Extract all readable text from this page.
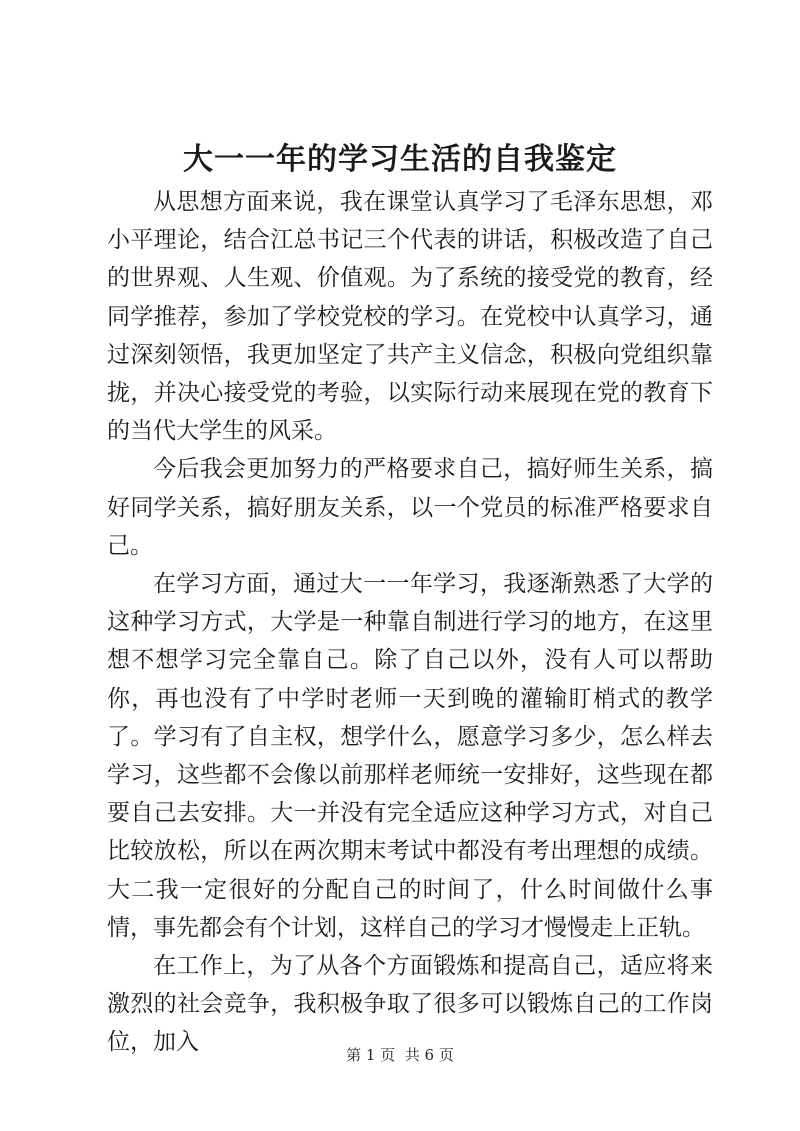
大一一年的学习生活的自我鉴定

从思想方面来说，我在课堂认真学习了毛泽东思想，邓小平理论，结合江总书记三个代表的讲话，积极改造了自己的世界观、人生观、价值观。为了系统的接受党的教育，经同学推荐，参加了学校党校的学习。在党校中认真学习，通过深刻领悟，我更加坚定了共产主义信念，积极向党组织靠拢，并决心接受党的考验，以实际行动来展现在党的教育下的当代大学生的风采。

今后我会更加努力的严格要求自己，搞好师生关系，搞好同学关系，搞好朋友关系，以一个党员的标准严格要求自己。

在学习方面，通过大一一年学习，我逐渐熟悉了大学的这种学习方式，大学是一种靠自制进行学习的地方，在这里想不想学习完全靠自己。除了自己以外，没有人可以帮助你，再也没有了中学时老师一天到晚的灌输盯梢式的教学了。学习有了自主权，想学什么，愿意学习多少，怎么样去学习，这些都不会像以前那样老师统一安排好，这些现在都要自己去安排。大一并没有完全适应这种学习方式，对自己比较放松，所以在两次期末考试中都没有考出理想的成绩。大二我一定很好的分配自己的时间了，什么时间做什么事情，事先都会有个计划，这样自己的学习才慢慢走上正轨。

在工作上，为了从各个方面锻炼和提高自己，适应将来激烈的社会竞争，我积极争取了很多可以锻炼自己的工作岗位，加入	第 1 页 共 6 页
